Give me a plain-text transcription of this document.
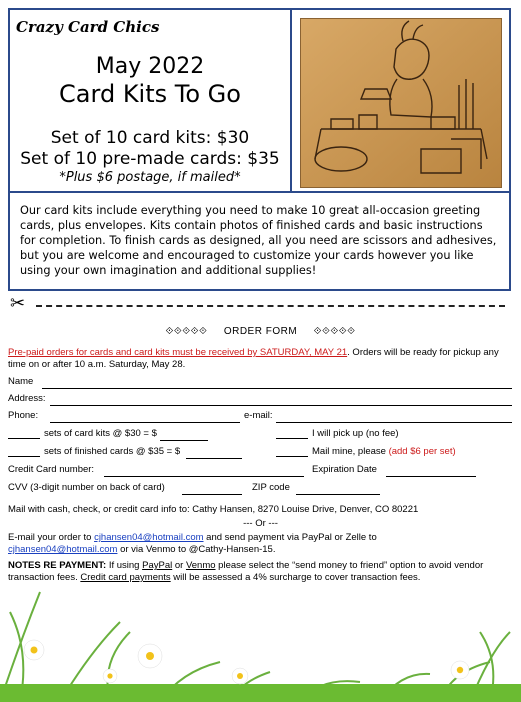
Crazy Card Chics
May 2022
Card Kits To Go
Set of 10 card kits: $30
Set of 10 pre-made cards: $35
*Plus $6 postage, if mailed*
Our card kits include everything you need to make 10 great all-occasion greeting cards, plus envelopes. Kits contain photos of finished cards and basic instructions for completion. To finish cards as designed, all you need are scissors and adhesives, but you are welcome and encouraged to customize your cards however you like using your own imagination and additional supplies!
✂
⟐⟐⟐⟐⟐ ORDER FORM ⟐⟐⟐⟐⟐
Pre-paid orders for cards and card kits must be received by SATURDAY, MAY 21. Orders will be ready for pickup any time on or after 10 a.m. Saturday, May 28.
Name
Address:
Phone:	e-mail:
sets of card kits @ $30 = $	I will pick up (no fee)
sets of finished cards @ $35 = $	Mail mine, please (add $6 per set)
Credit Card number:	Expiration Date
CVV (3-digit number on back of card)	ZIP code
Mail with cash, check, or credit card info to: Cathy Hansen, 8270 Louise Drive, Denver, CO 80221
--- Or ---
E-mail your order to cjhansen04@hotmail.com and send payment via PayPal or Zelle to
cjhansen04@hotmail.com or via Venmo to @Cathy-Hansen-15.
NOTES RE PAYMENT: If using PayPal or Venmo please select the “send money to friend” option to avoid vendor transaction fees. Credit card payments will be assessed a 4% surcharge to cover transaction fees.
